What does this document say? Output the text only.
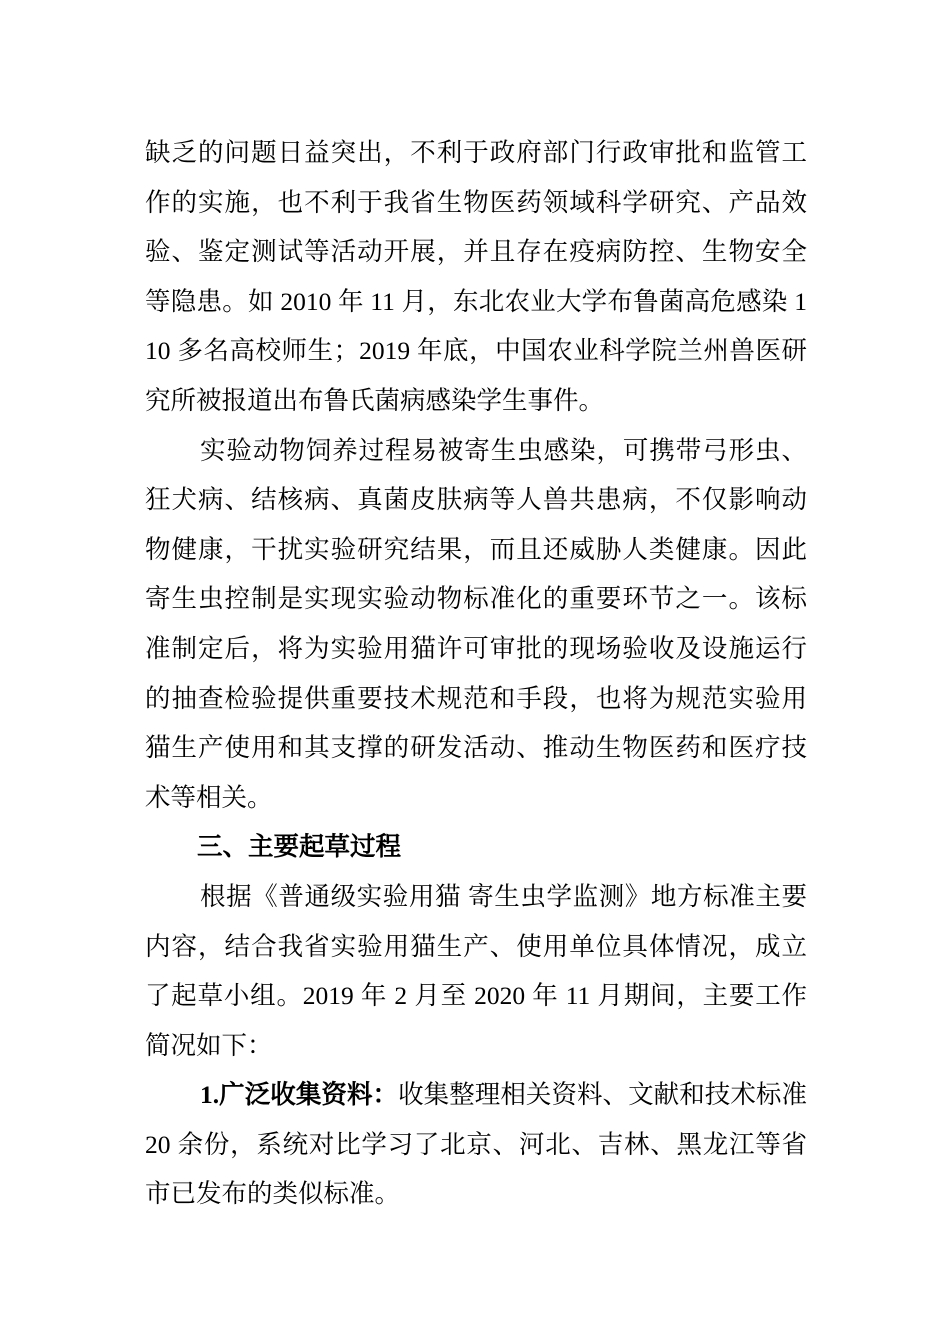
缺乏的问题日益突出，不利于政府部门行政审批和监管工作的实施，也不利于我省生物医药领域科学研究、产品效验、鉴定测试等活动开展，并且存在疫病防控、生物安全等隐患。如 2010 年 11 月，东北农业大学布鲁菌高危感染 110 多名高校师生；2019 年底，中国农业科学院兰州兽医研究所被报道出布鲁氏菌病感染学生事件。

实验动物饲养过程易被寄生虫感染，可携带弓形虫、狂犬病、结核病、真菌皮肤病等人兽共患病，不仅影响动物健康，干扰实验研究结果，而且还威胁人类健康。因此寄生虫控制是实现实验动物标准化的重要环节之一。该标准制定后，将为实验用猫许可审批的现场验收及设施运行的抽查检验提供重要技术规范和手段，也将为规范实验用猫生产使用和其支撑的研发活动、推动生物医药和医疗技术等相关。

三、主要起草过程

根据《普通级实验用猫 寄生虫学监测》地方标准主要内容，结合我省实验用猫生产、使用单位具体情况，成立了起草小组。2019 年 2 月至 2020 年 11 月期间，主要工作简况如下：

1.广泛收集资料：收集整理相关资料、文献和技术标准 20 余份，系统对比学习了北京、河北、吉林、黑龙江等省市已发布的类似标准。
